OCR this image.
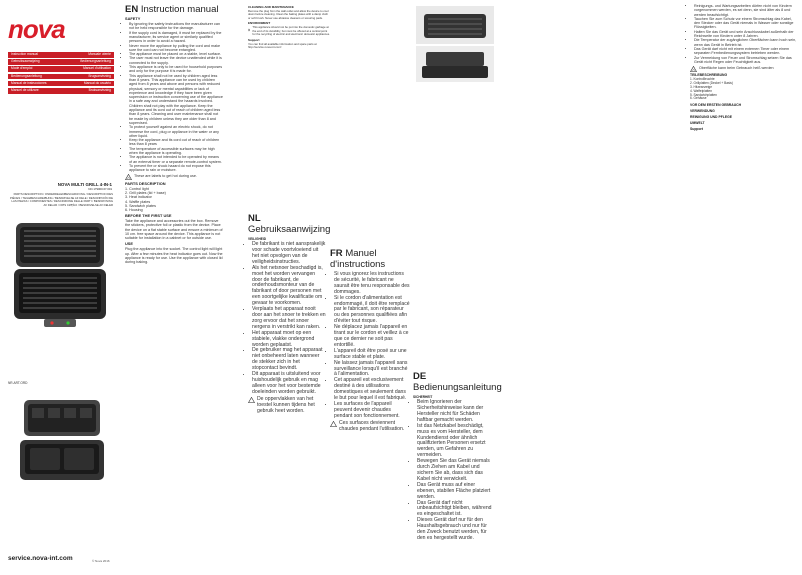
nova
Instruction manual	Manuale utente
Gebruiksaanwijzing	Bedienungsanleitung
Mode d'emploi	Manuel d'utilisation
Bedienungsanleitung	Brugsanvisning
Manual de instrucciones	Manual do usuário
Manuel de utilizare	Bruksanvisning
NOVA MULTI GRILL 4-IN-1
NO.179000.07.001
PARTS DESCRIPTION / ONDERDELENBESCHRIJVING / DESCRIPTION DES PIÈCES / TEILEBESCHREIBUNG / BESKRIVELSE AF DELE / DESCRIPCIÓN DE LAS PIEZAS / COMPONENTES / DESCRIZIONE DELLE PARTI / BESKRIVNING AV DELAR / OPIS CZĘŚCI / BESKRIVELSE AV DELER
NR.ART.ORD
service.nova-int.com	© Nova 2016
EN Instruction manual
SAFETY
• By ignoring the safety instructions the manufacturer can not be held responsible for the damage.
• If the supply cord is damaged, it must be replaced by the manufacturer, its service agent or similarly qualified persons in order to avoid a hazard.
• Never move the appliance by pulling the cord and make sure the cord can not become entangled.
• The appliance must be placed on a stable, level surface.
• The user must not leave the device unattended while it is connected to the supply.
• This appliance is only to be used for household purposes and only for the purpose it is made for.
• This appliance shall not be used by children aged less than 8 years. This appliance can be used by children aged from 8 years and above and persons with reduced physical, sensory or mental capabilities or lack of experience and knowledge if they have been given supervision or instruction concerning use of the appliance in a safe way and understand the hazards involved. Children shall not play with the appliance. Keep the appliance and its cord out of reach of children aged less than 8 years. Cleaning and user maintenance shall not be made by children unless they are older than 8 and supervised.
• To protect yourself against an electric shock, do not immerse the cord, plug or appliance in the water or any other liquid.
• Keep the appliance and its cord out of reach of children less than 8 years
• The temperature of accessible surfaces may be high when the appliance is operating.
• The appliance is not intended to be operated by means of an external timer or a separate remote-control system.
• To prevent fire or shock hazard do not expose this appliance to rain or moisture.
These are labels to get hot during use.
PARTS DESCRIPTION
1. Control light
2. Grill plates (lid + base)
3. Heat indicator
4. Waffle plates
5. Sandwich plates
6. Housing
BEFORE THE FIRST USE

Take the appliance and accessories out the box. Remove the stickers, protective foil or plastic from the device. Place the device on a flat stable surface and ensure a minimum of 10 cm. free space around the device. This appliance is not suitable for installation in a cabinet or for outside use.

USE

Plug the appliance into the socket. The control light will light up. After a few minutes the heat indicator goes out. Now the appliance is ready for use. Use the appliance with closed lid during baking.

CLEANING AND MAINTENANCE

Remove the plug from the wall outlet and allow the device to cool down before cleaning. Clean the baking plates with a damp cloth or soft brush. Never use abrasive cleaners or scouring pads.

ENVIRONMENT
This appliance should not be put into the domestic garbage at the end of its durability, but must be offered at a central point for the recycling of electric and electronic domestic appliances.
Support

You can find all available information and spare parts at http://service.nova-int.com!

NL Gebruiksaanwijzing
VEILIGHEID
• De fabrikant is niet aansprakelijk voor schade voortvloeiend uit het niet opvolgen van de veiligheidsinstructies.
• Als het netsnoer beschadigd is, moet het worden vervangen door de fabrikant, de onderhoudsmonteur van de fabrikant of door personen met een soortgelijke kwalificatie om gevaar te voorkomen.
• Verplaats het apparaat nooit door aan het snoer te trekken en zorg ervoor dat het snoer nergens in verstrikt kan raken.
• Het apparaat moet op een stabiele, vlakke ondergrond worden geplaatst.
• De gebruiker mag het apparaat niet onbeheerd laten wanneer de stekker zich in het stopcontact bevindt.
• Dit apparaat is uitsluitend voor huishoudelijk gebruik en mag alleen voor het voor bestemde doeleinden worden gebruikt.
De oppervlakken van het toestel kunnen tijdens het gebruik heet worden.
FR Manuel d'instructions
• Si vous ignorez les instructions de sécurité, le fabricant ne saurait être tenu responsable des dommages.
• Si le cordon d'alimentation est endommagé, il doit être remplacé par le fabricant, son réparateur ou des personnes qualifiées afin d'éviter tout risque.
• Ne déplacez jamais l'appareil en tirant sur le cordon et veillez à ce que ce dernier ne soit pas entortillé.
• L'appareil doit être posé sur une surface stable et plate.
• Ne laissez jamais l'appareil sans surveillance lorsqu'il est branché à l'alimentation.
• Cet appareil est exclusivement destiné à des utilisations domestiques et seulement dans le but pour lequel il est fabriqué.
• Les surfaces de l'appareil peuvent devenir chaudes pendant son fonctionnement.
Ces surfaces deviennent chaudes pendant l'utilisation.
DE Bedienungsanleitung
SICHERHEIT
• Beim Ignorieren der Sicherheitshinweise kann der Hersteller nicht für Schäden haftbar gemacht werden.
• Ist das Netzkabel beschädigt, muss es vom Hersteller, dem Kundendienst oder ähnlich qualifizierten Personen ersetzt werden, um Gefahren zu vermeiden.
• Bewegen Sie das Gerät niemals durch Ziehen am Kabel und sichern Sie ab, dass sich das Kabel nicht verwickelt.
• Das Gerät muss auf einer ebenen, stabilen Fläche platziert werden.
• Das Gerät darf nicht unbeaufsichtigt bleiben, während es eingeschaltet ist.
• Dieses Gerät darf nur für den Haushaltsgebrauch und nur für den Zweck benutzt werden, für den es hergestellt wurde.
• Reinigungs- und Wartungsarbeiten dürfen nicht von Kindern vorgenommen werden, es sei denn, sie sind älter als 8 und werden beaufsichtigt.
• Tauchen Sie zum Schutz vor einem Stromschlag das Kabel, den Stecker oder das Gerät niemals in Wasser oder sonstige Flüssigkeiten.
• Halten Sie das Gerät und sein Anschlusskabel außerhalb der Reichweite von Kindern unter 8 Jahren.
• Die Temperatur der zugänglichen Oberflächen kann hoch sein, wenn das Gerät in Betrieb ist.
• Das Gerät darf nicht mit einem externen Timer oder einem separaten Fernbedienungssystem betrieben werden.
• Zur Vermeidung von Feuer und Stromschlag setzen Sie das Gerät nicht Regen oder Feuchtigkeit aus.
Oberfläche kann beim Gebrauch heiß werden
TEILEBESCHREIBUNG
1. Kontrollleuchte
2. Grillplatten (Deckel + Basis)
3. Hitzeanzeige
4. Waffelplatten
5. Sandwichplatten
6. Gehäuse
VOR DEM ERSTEN GEBRAUCH
VERWENDUNG
REINIGUNG UND PFLEGE
UMWELT
Support
